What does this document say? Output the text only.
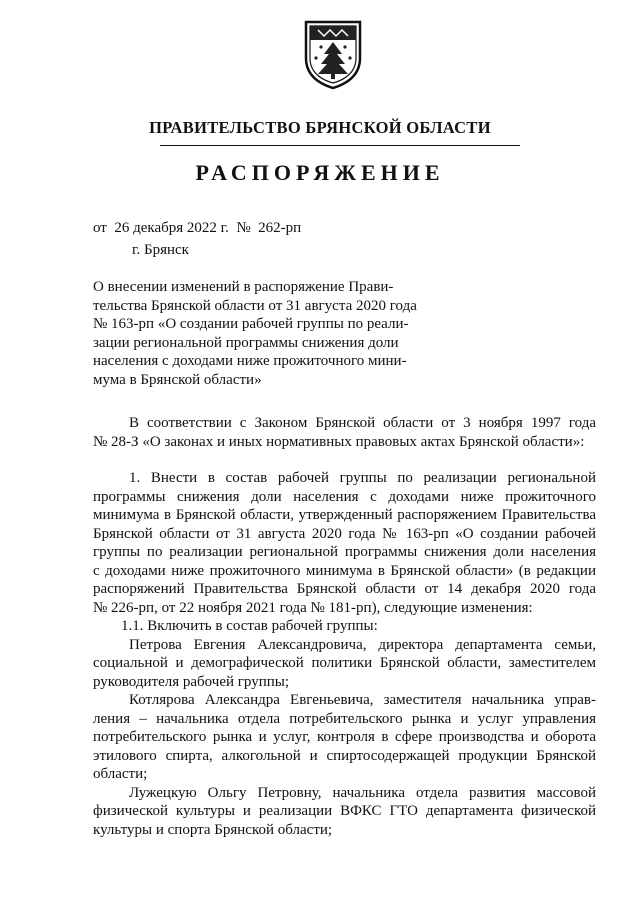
ПРАВИТЕЛЬСТВО БРЯНСКОЙ ОБЛАСТИ
РАСПОРЯЖЕНИЕ
от  26 декабря 2022 г.  №  262-рп
г. Брянск
О внесении изменений в распоряжение Прави-
тельства Брянской области от 31 августа 2020 года
№ 163-рп «О создании рабочей группы по реали-
зации региональной программы снижения доли
населения с доходами ниже прожиточного мини-
мума в Брянской области»
В соответствии с Законом Брянской области от 3 ноября 1997 года
№ 28-З «О законах и иных нормативных правовых актах Брянской области»:
1. Внести в состав рабочей группы по реализации региональной
программы снижения доли населения с доходами ниже прожиточного
минимума в Брянской области, утвержденный распоряжением Правительства
Брянской области от 31 августа 2020 года № 163-рп «О создании рабочей
группы по реализации региональной программы снижения доли населения
с доходами ниже прожиточного минимума в Брянской области» (в редакции
распоряжений Правительства Брянской области от 14 декабря 2020 года
№ 226-рп, от 22 ноября 2021 года № 181-рп), следующие изменения:
1.1. Включить в состав рабочей группы:
Петрова Евгения Александровича, директора департамента семьи,
социальной и демографической политики Брянской области, заместителем
руководителя рабочей группы;
Котлярова Александра Евгеньевича, заместителя начальника управ-
ления – начальника отдела потребительского рынка и услуг управления
потребительского рынка и услуг, контроля в сфере производства и оборота
этилового спирта, алкогольной и спиртосодержащей продукции Брянской
области;
Лужецкую Ольгу Петровну, начальника отдела развития массовой
физической культуры и реализации ВФКС ГТО департамента физической
культуры и спорта Брянской области;
